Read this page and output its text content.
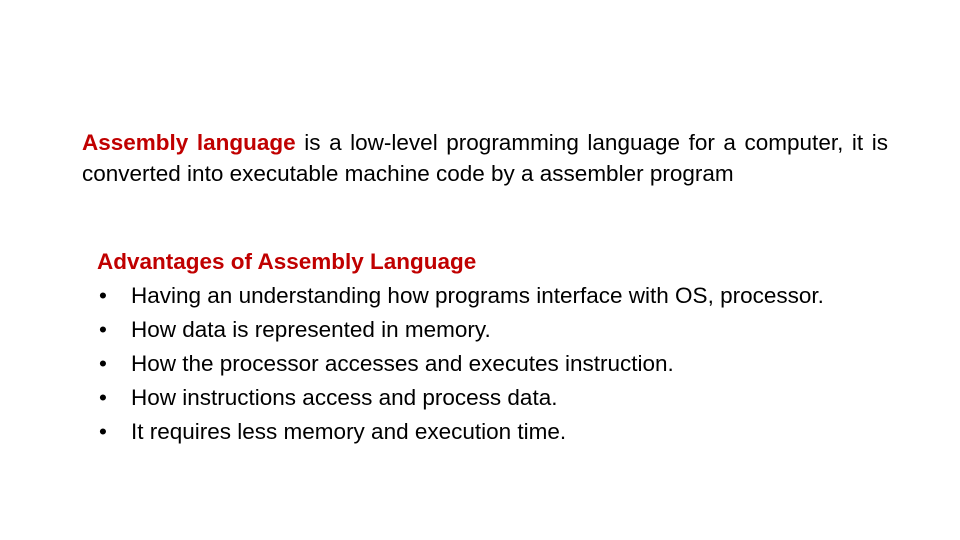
Assembly language is a low-level programming language for a computer, it is converted into executable machine code by a assembler program

Advantages of Assembly Language
•	Having an understanding how programs interface with OS, processor.
•	How data is represented in memory.
•	How the processor accesses and executes instruction.
•	How instructions access and process data.
•	It requires less memory and execution time.
